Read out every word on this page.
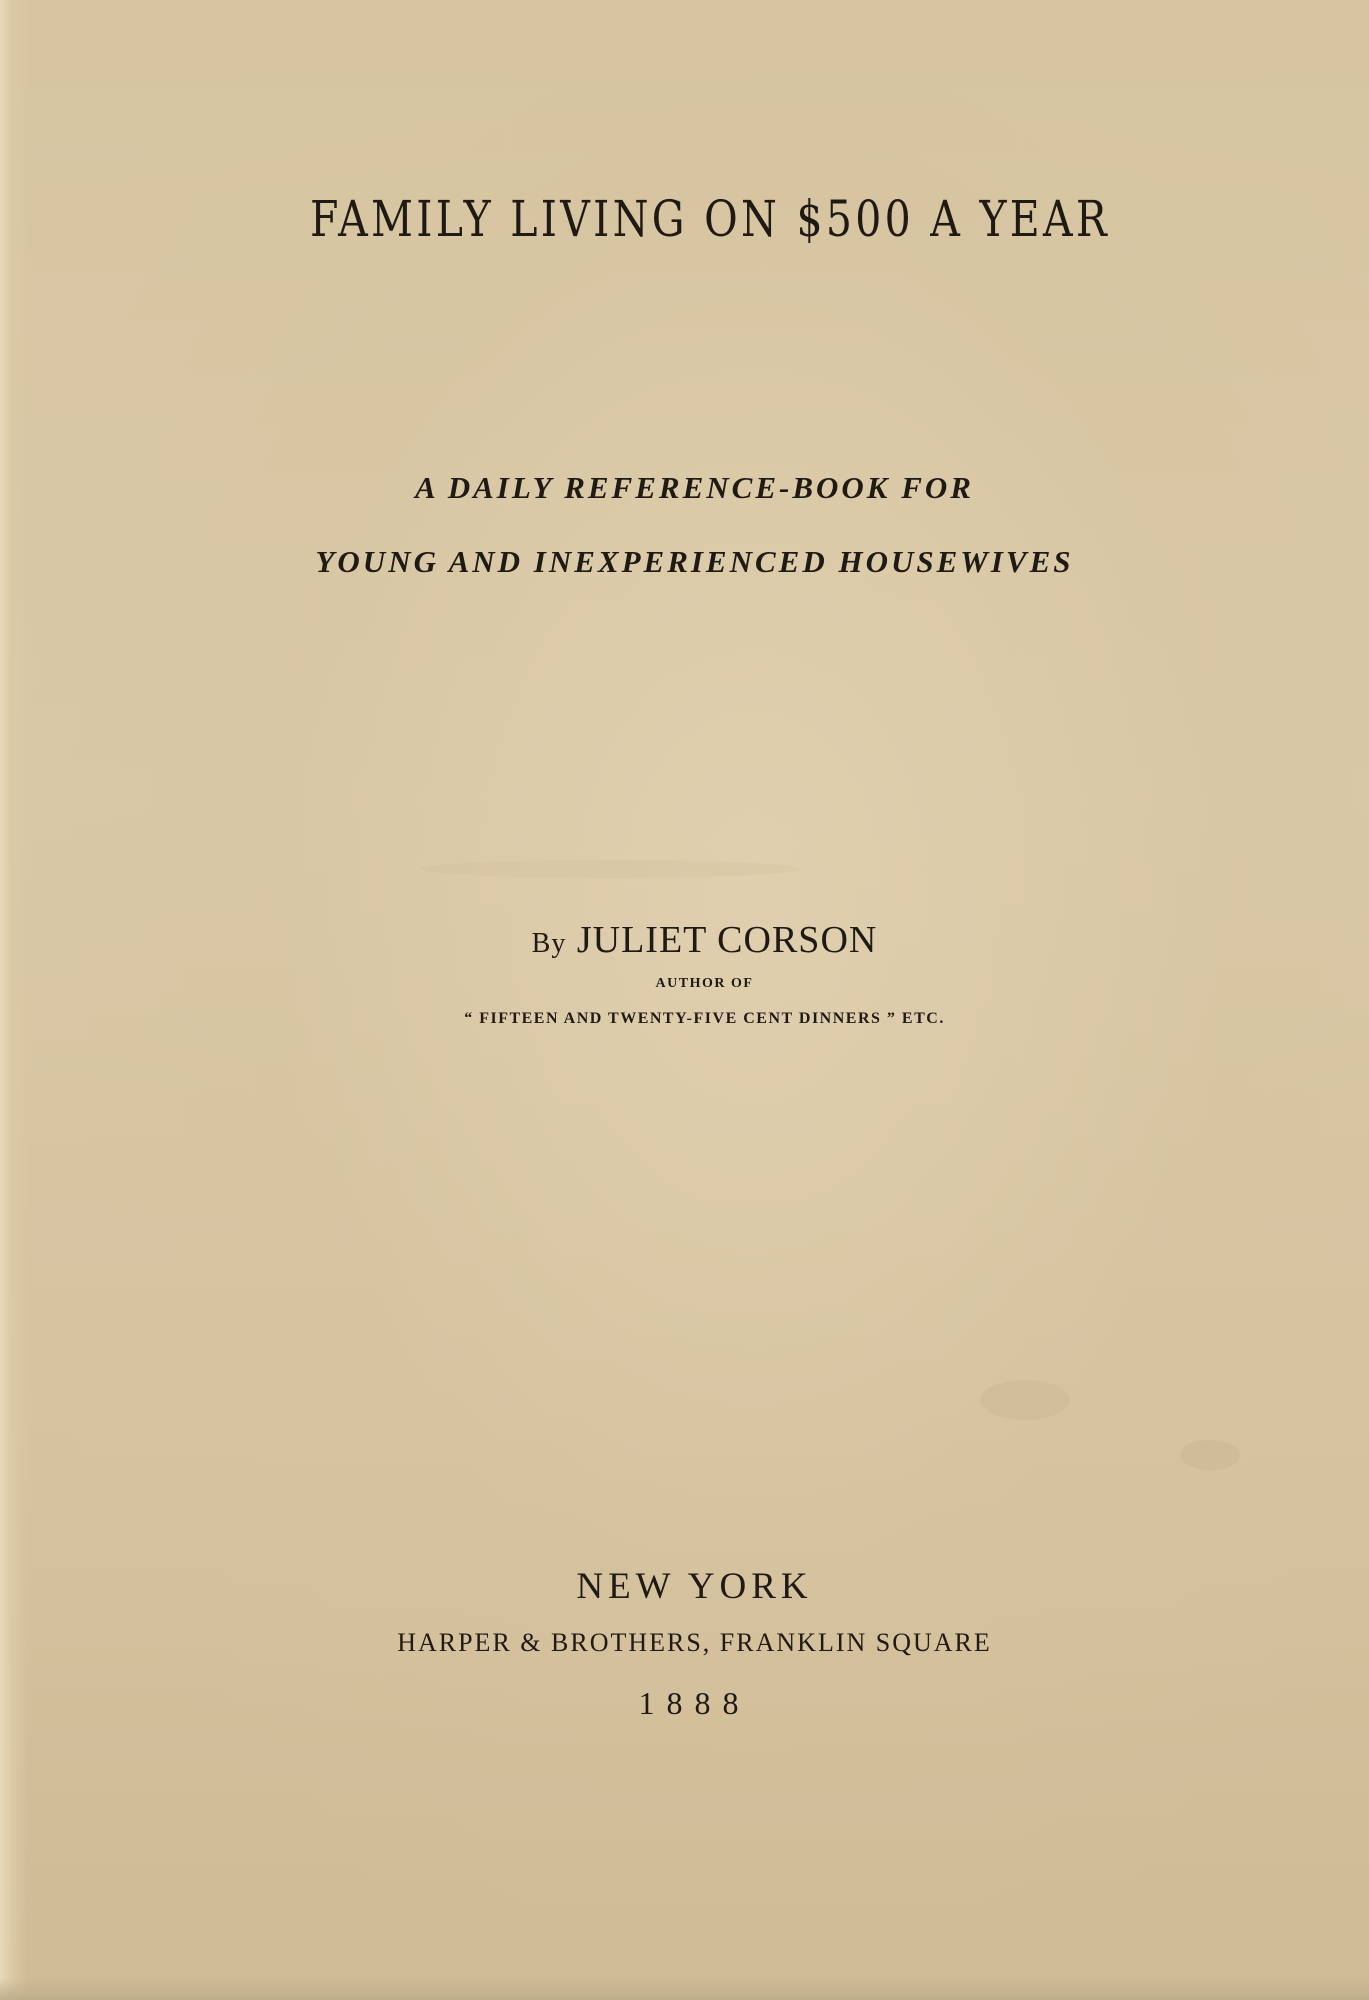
FAMILY LIVING ON $500 A YEAR
A DAILY REFERENCE-BOOK FOR
YOUNG AND INEXPERIENCED HOUSEWIVES
By JULIET CORSON
AUTHOR OF
“ FIFTEEN AND TWENTY-FIVE CENT DINNERS ” ETC.
NEW YORK
HARPER & BROTHERS, FRANKLIN SQUARE
1888
